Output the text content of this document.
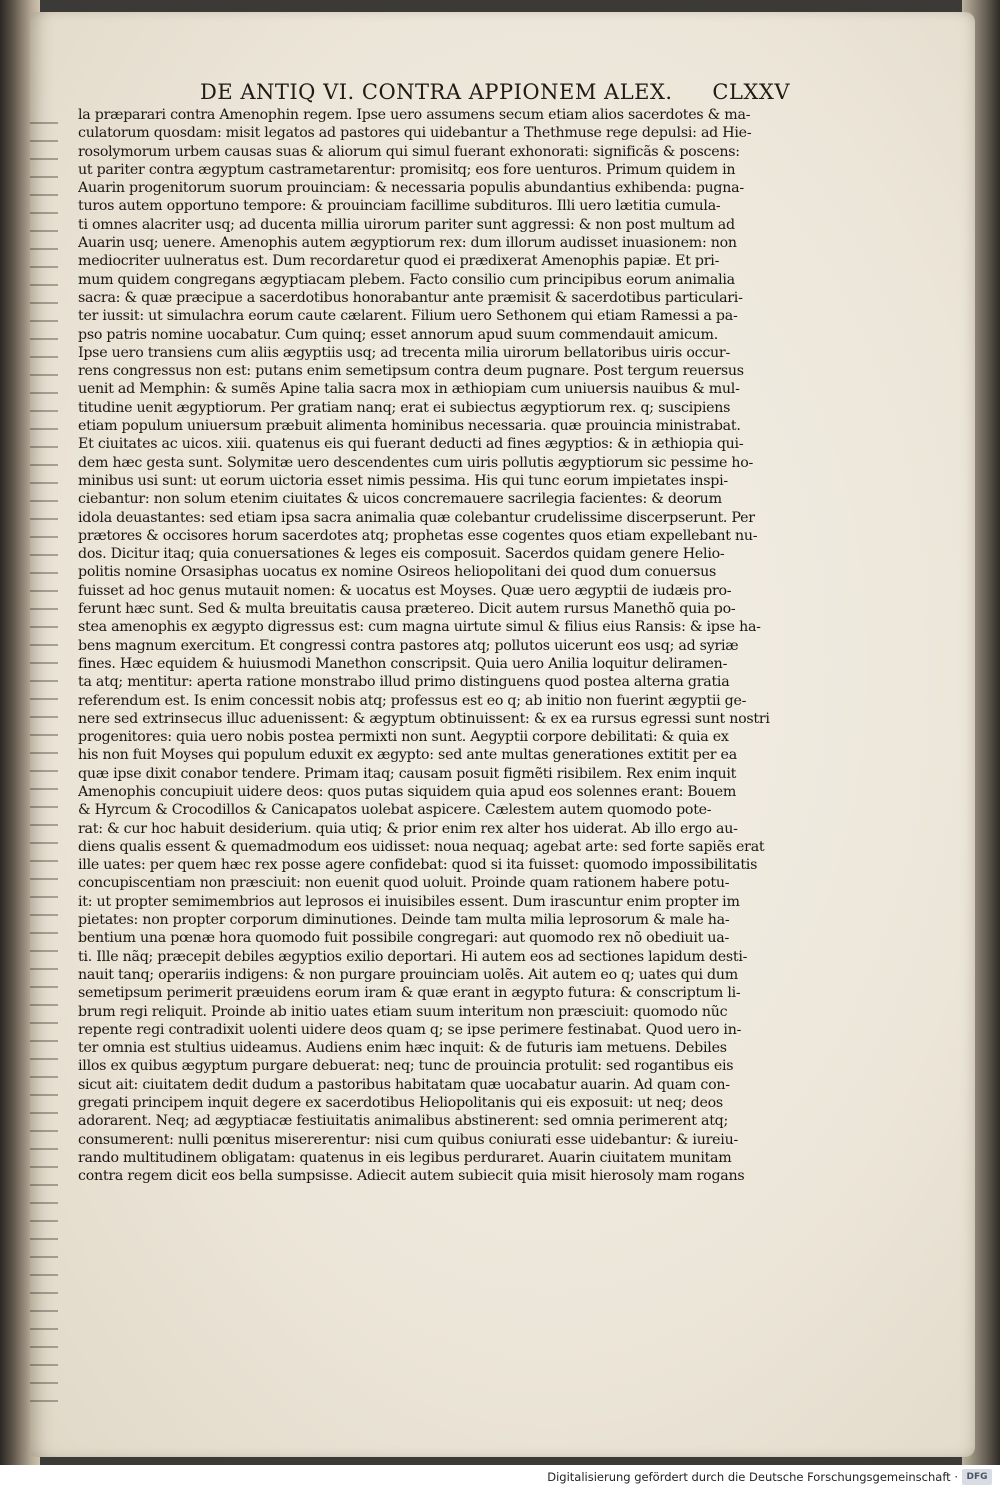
DE ANTIQ VI. CONTRA APPIONEM ALEX. CLXXV
la præparari contra Amenophin regem. Ipse uero assumens secum etiam alios sacerdotes & ma-
culatorum quosdam: misit legatos ad pastores qui uidebantur a Thethmuse rege depulsi: ad Hie-
rosolymorum urbem causas suas & aliorum qui simul fuerant exhonorati: significãs & poscens:
ut pariter contra ægyptum castrametarentur: promisitq; eos fore uenturos. Primum quidem in
Auarin progenitorum suorum prouinciam: & necessaria populis abundantius exhibenda: pugna-
turos autem opportuno tempore: & prouinciam facillime subdituros. Illi uero lætitia cumula-
ti omnes alacriter usq; ad ducenta millia uirorum pariter sunt aggressi: & non post multum ad
Auarin usq; uenere. Amenophis autem ægyptiorum rex: dum illorum audisset inuasionem: non
mediocriter uulneratus est. Dum recordaretur quod ei prædixerat Amenophis papiæ. Et pri-
mum quidem congregans ægyptiacam plebem. Facto consilio cum principibus eorum animalia
sacra: & quæ præcipue a sacerdotibus honorabantur ante præmisit & sacerdotibus particulari-
ter iussit: ut simulachra eorum caute cælarent. Filium uero Sethonem qui etiam Ramessi a pa-
pso patris nomine uocabatur. Cum quinq; esset annorum apud suum commendauit amicum.
Ipse uero transiens cum aliis ægyptiis usq; ad trecenta milia uirorum bellatoribus uiris occur-
rens congressus non est: putans enim semetipsum contra deum pugnare. Post tergum reuersus
uenit ad Memphin: & sumẽs Apine talia sacra mox in æthiopiam cum uniuersis nauibus & mul-
titudine uenit ægyptiorum. Per gratiam nanq; erat ei subiectus ægyptiorum rex. q; suscipiens
etiam populum uniuersum præbuit alimenta hominibus necessaria. quæ prouincia ministrabat.
Et ciuitates ac uicos. xiii. quatenus eis qui fuerant deducti ad fines ægyptios: & in æthiopia qui-
dem hæc gesta sunt. Solymitæ uero descendentes cum uiris pollutis ægyptiorum sic pessime ho-
minibus usi sunt: ut eorum uictoria esset nimis pessima. His qui tunc eorum impietates inspi-
ciebantur: non solum etenim ciuitates & uicos concremauere sacrilegia facientes: & deorum
idola deuastantes: sed etiam ipsa sacra animalia quæ colebantur crudelissime discerpserunt. Per
prætores & occisores horum sacerdotes atq; prophetas esse cogentes quos etiam expellebant nu-
dos. Dicitur itaq; quia conuersationes & leges eis composuit. Sacerdos quidam genere Helio-
politis nomine Orsasiphas uocatus ex nomine Osireos heliopolitani dei quod dum conuersus
fuisset ad hoc genus mutauit nomen: & uocatus est Moyses. Quæ uero ægyptii de iudæis pro-
ferunt hæc sunt. Sed & multa breuitatis causa prætereo. Dicit autem rursus Manethõ quia po-
stea amenophis ex ægypto digressus est: cum magna uirtute simul & filius eius Ransis: & ipse ha-
bens magnum exercitum. Et congressi contra pastores atq; pollutos uicerunt eos usq; ad syriæ
fines. Hæc equidem & huiusmodi Manethon conscripsit. Quia uero Anilia loquitur deliramen-
ta atq; mentitur: aperta ratione monstrabo illud primo distinguens quod postea alterna gratia
referendum est. Is enim concessit nobis atq; professus est eo q; ab initio non fuerint ægyptii ge-
nere sed extrinsecus illuc aduenissent: & ægyptum obtinuissent: & ex ea rursus egressi sunt nostri
progenitores: quia uero nobis postea permixti non sunt. Aegyptii corpore debilitati: & quia ex
his non fuit Moyses qui populum eduxit ex ægypto: sed ante multas generationes extitit per ea
quæ ipse dixit conabor tendere. Primam itaq; causam posuit figmẽti risibilem. Rex enim inquit
Amenophis concupiuit uidere deos: quos putas siquidem quia apud eos solennes erant: Bouem
& Hyrcum & Crocodillos & Canicapatos uolebat aspicere. Cælestem autem quomodo pote-
rat: & cur hoc habuit desiderium. quia utiq; & prior enim rex alter hos uiderat. Ab illo ergo au-
diens qualis essent & quemadmodum eos uidisset: noua nequaq; agebat arte: sed forte sapiẽs erat
ille uates: per quem hæc rex posse agere confidebat: quod si ita fuisset: quomodo impossibilitatis
concupiscentiam non præsciuit: non euenit quod uoluit. Proinde quam rationem habere potu-
it: ut propter semimembrios aut leprosos ei inuisibiles essent. Dum irascuntur enim propter im
pietates: non propter corporum diminutiones. Deinde tam multa milia leprosorum & male ha-
bentium una pœnæ hora quomodo fuit possibile congregari: aut quomodo rex nõ obediuit ua-
ti. Ille nãq; præcepit debiles ægyptios exilio deportari. Hi autem eos ad sectiones lapidum desti-
nauit tanq; operariis indigens: & non purgare prouinciam uolẽs. Ait autem eo q; uates qui dum
semetipsum perimerit præuidens eorum iram & quæ erant in ægypto futura: & conscriptum li-
brum regi reliquit. Proinde ab initio uates etiam suum interitum non præsciuit: quomodo nũc
repente regi contradixit uolenti uidere deos quam q; se ipse perimere festinabat. Quod uero in-
ter omnia est stultius uideamus. Audiens enim hæc inquit: & de futuris iam metuens. Debiles
illos ex quibus ægyptum purgare debuerat: neq; tunc de prouincia protulit: sed rogantibus eis
sicut ait: ciuitatem dedit dudum a pastoribus habitatam quæ uocabatur auarin. Ad quam con-
gregati principem inquit degere ex sacerdotibus Heliopolitanis qui eis exposuit: ut neq; deos
adorarent. Neq; ad ægyptiacæ festiuitatis animalibus abstinerent: sed omnia perimerent atq;
consumerent: nulli pœnitus misererentur: nisi cum quibus coniurati esse uidebantur: & iureiu-
rando multitudinem obligatam: quatenus in eis legibus perduraret. Auarin ciuitatem munitam
contra regem dicit eos bella sumpsisse. Adiecit autem subiecit quia misit hierosoly mam rogans
Digitalisierung gefördert durch die Deutsche Forschungsgemeinschaft · DFG
